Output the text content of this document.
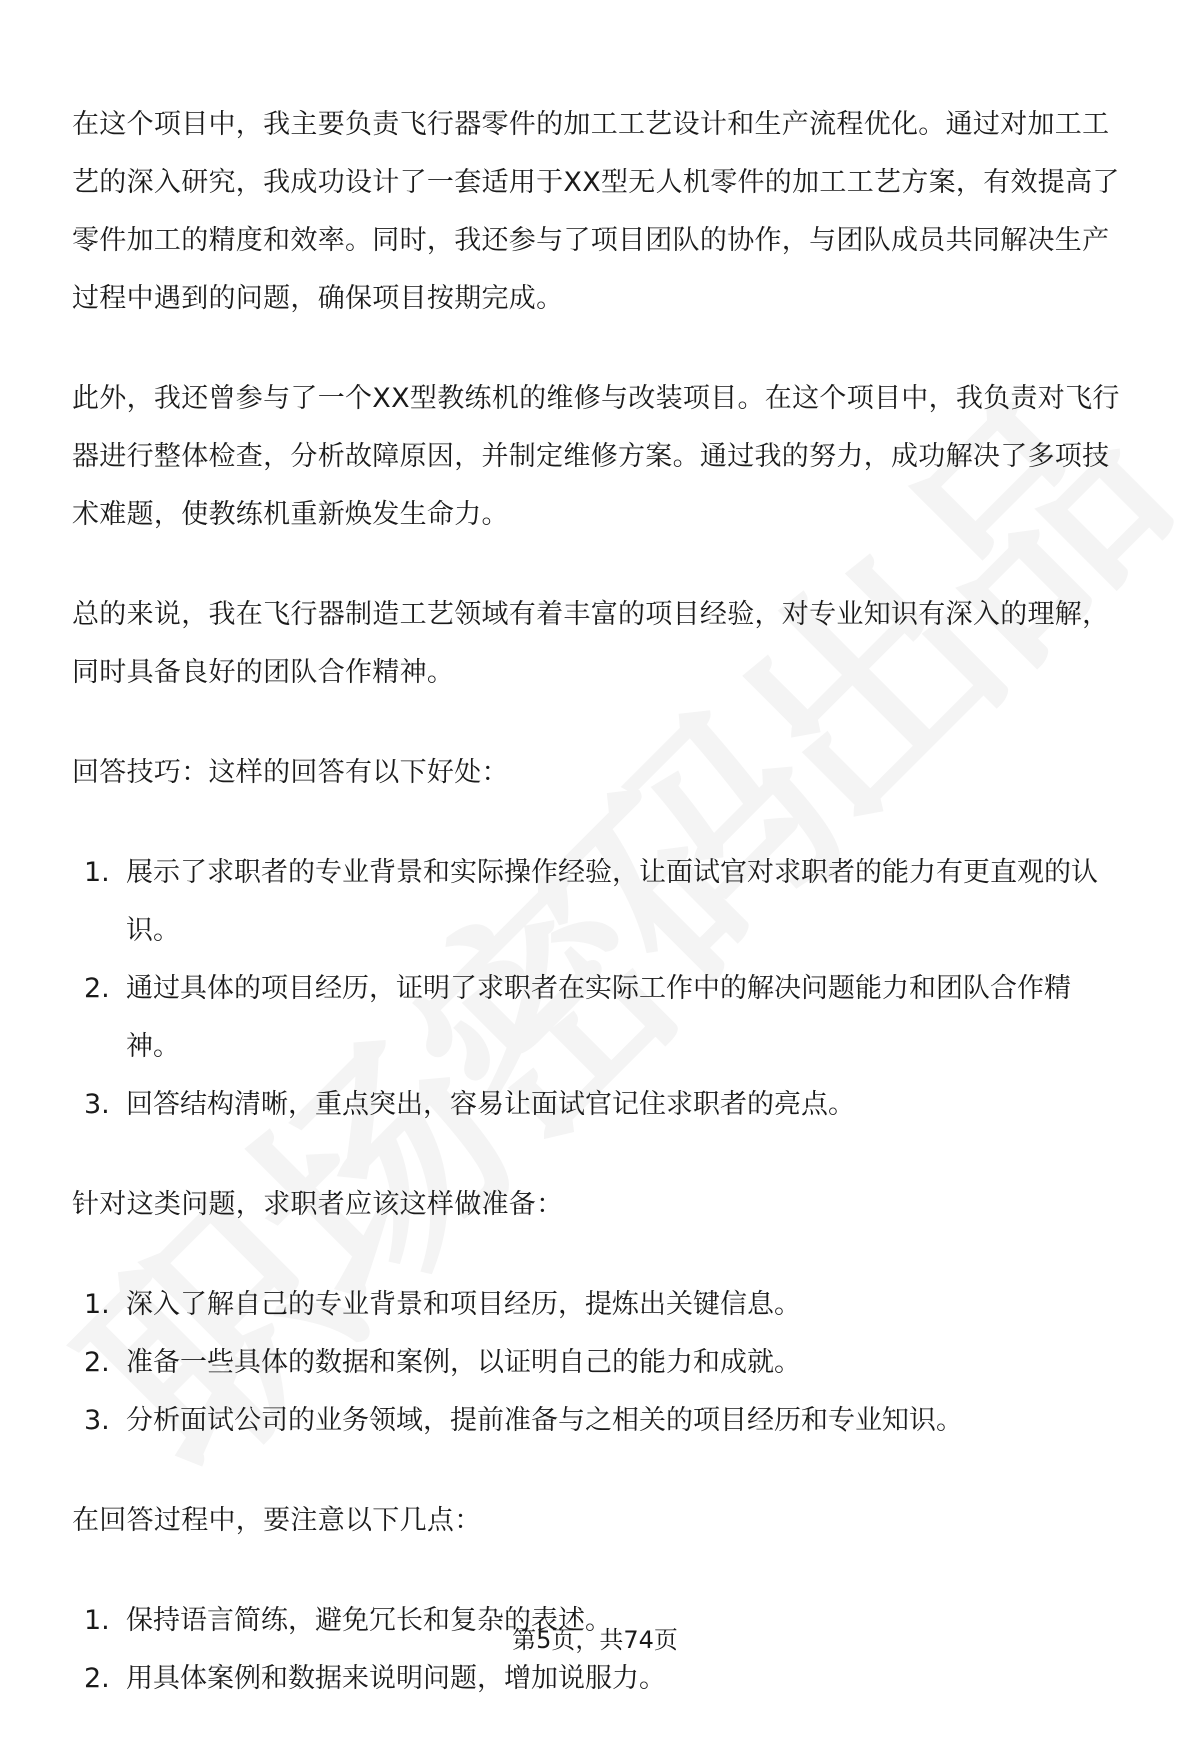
在这个项目中，我主要负责飞行器零件的加工工艺设计和生产流程优化。通过对加工工艺的深入研究，我成功设计了一套适用于XX型无人机零件的加工工艺方案，有效提高了零件加工的精度和效率。同时，我还参与了项目团队的协作，与团队成员共同解决生产过程中遇到的问题，确保项目按期完成。

此外，我还曾参与了一个XX型教练机的维修与改装项目。在这个项目中，我负责对飞行器进行整体检查，分析故障原因，并制定维修方案。通过我的努力，成功解决了多项技术难题，使教练机重新焕发生命力。

总的来说，我在飞行器制造工艺领域有着丰富的项目经验，对专业知识有深入的理解，同时具备良好的团队合作精神。

回答技巧：这样的回答有以下好处：

1. 展示了求职者的专业背景和实际操作经验，让面试官对求职者的能力有更直观的认识。
2. 通过具体的项目经历，证明了求职者在实际工作中的解决问题能力和团队合作精神。
3. 回答结构清晰，重点突出，容易让面试官记住求职者的亮点。

针对这类问题，求职者应该这样做准备：

1. 深入了解自己的专业背景和项目经历，提炼出关键信息。
2. 准备一些具体的数据和案例，以证明自己的能力和成就。
3. 分析面试公司的业务领域，提前准备与之相关的项目经历和专业知识。

在回答过程中，要注意以下几点：

1. 保持语言简练，避免冗长和复杂的表述。
2. 用具体案例和数据来说明问题，增加说服力。
第5页，共74页
